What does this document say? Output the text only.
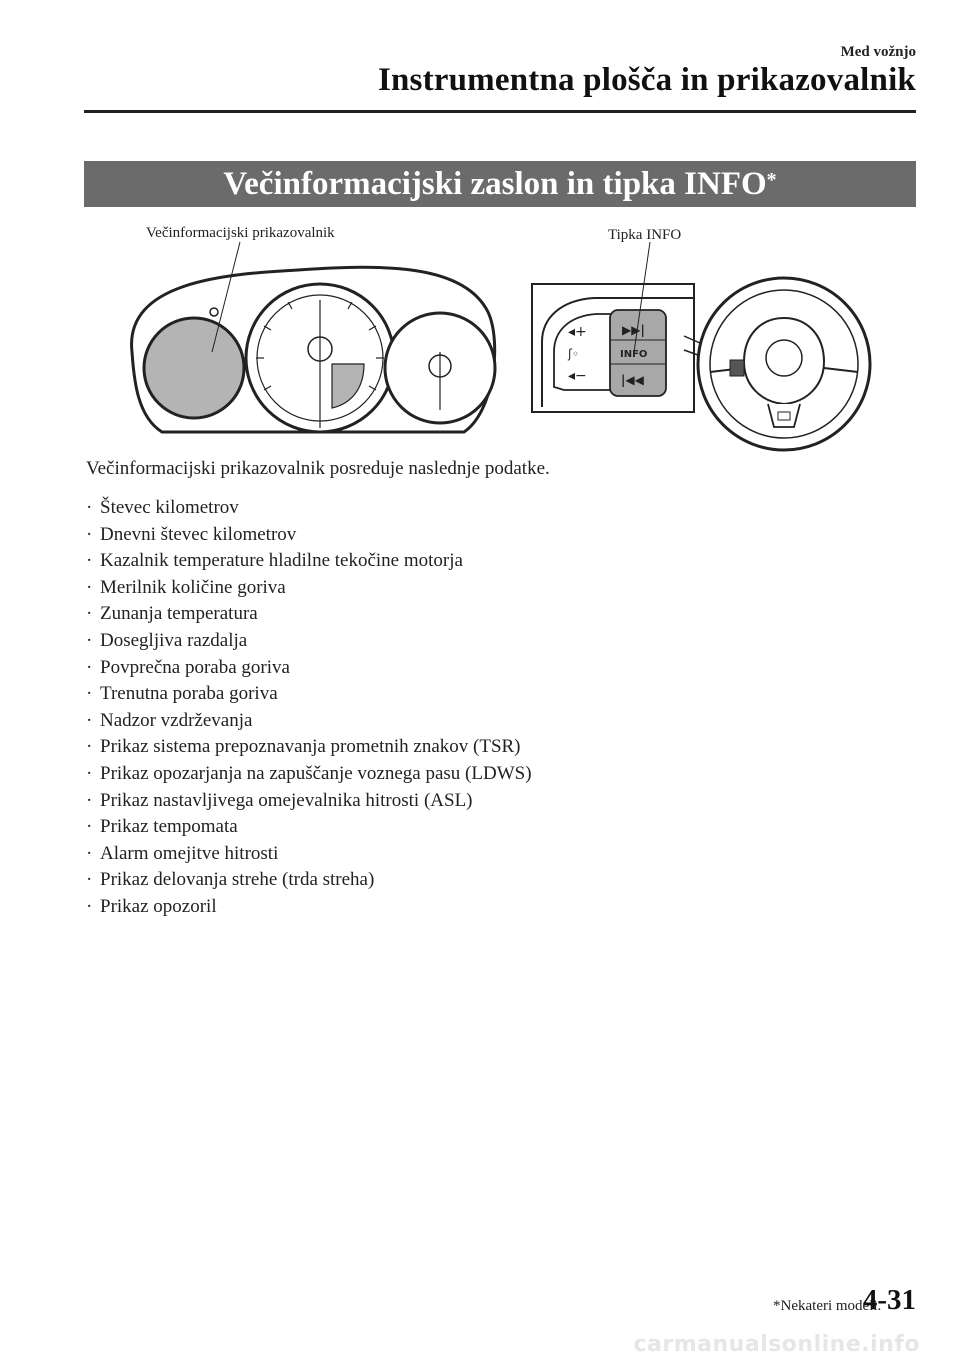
Med vožnjo
Instrumentna plošča in prikazovalnik
Večinformacijski zaslon in tipka INFO*
▶▶|
INFO
|◀◀
◂+
ʃ◦
◂−
Večinformacijski prikazovalnik	Tipka INFO
Večinformacijski prikazovalnik posreduje naslednje podatke.
· Števec kilometrov
· Dnevni števec kilometrov
· Kazalnik temperature hladilne tekočine motorja
· Merilnik količine goriva
· Zunanja temperatura
· Dosegljiva razdalja
· Povprečna poraba goriva
· Trenutna poraba goriva
· Nadzor vzdrževanja
· Prikaz sistema prepoznavanja prometnih znakov (TSR)
· Prikaz opozarjanja na zapuščanje voznega pasu (LDWS)
· Prikaz nastavljivega omejevalnika hitrosti (ASL)
· Prikaz tempomata
· Alarm omejitve hitrosti
· Prikaz delovanja strehe (trda streha)
· Prikaz opozoril
*Nekateri modeli.
4-31
carmanualsonline.info
